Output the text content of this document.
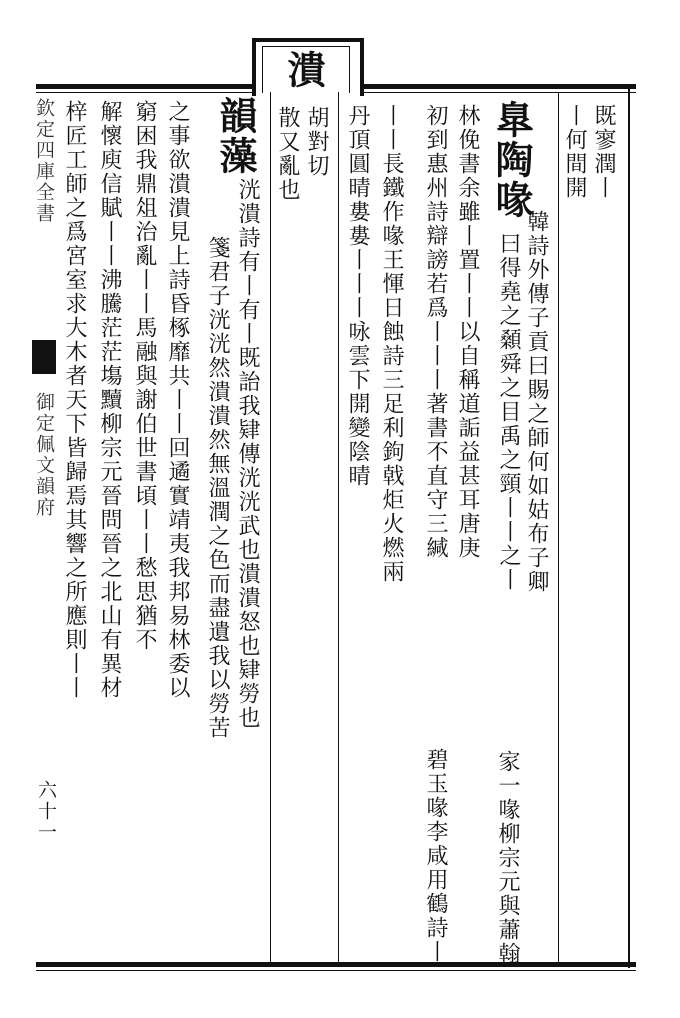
潰
胡對切
散又亂也	既寥潤丨
丨何間開
臯陶喙
韓詩外傳子貢曰賜之師何如姑布子卿
曰得堯之顙舜之目禹之頸丨丨之丨
家一喙柳宗元與蕭翰
林俛書余雖丨置丨丨以自稱道詬益甚耳唐庚
初到惠州詩辯謗若爲丨丨丨著書不直守三緘
碧玉喙李咸用鶴詩丨
丨丨長鐵作喙王惲日蝕詩三足利鉤戟炬火燃兩
丹頂圓晴婁婁丨丨丨咏雲下開變陰晴
韻藻
洸潰詩有丨有丨既詒我肄傳洸洸武也潰潰怒也肄勞也
箋君子洸洸然潰潰然無溫潤之色而盡遺我以勞苦
之事欲潰潰見上詩昏椓靡共丨丨回遹實靖夷我邦易林委以
窮困我鼎俎治亂丨丨馬融與謝伯世書頃丨丨愁思猶不
解懷庾信賦丨丨沸騰茫茫塲黷柳宗元晉問晉之北山有異材
梓匠工師之爲宮室求大木者天下皆歸焉其響之所應則丨丨
欽定四庫全書
御定佩文韻府
六十一
